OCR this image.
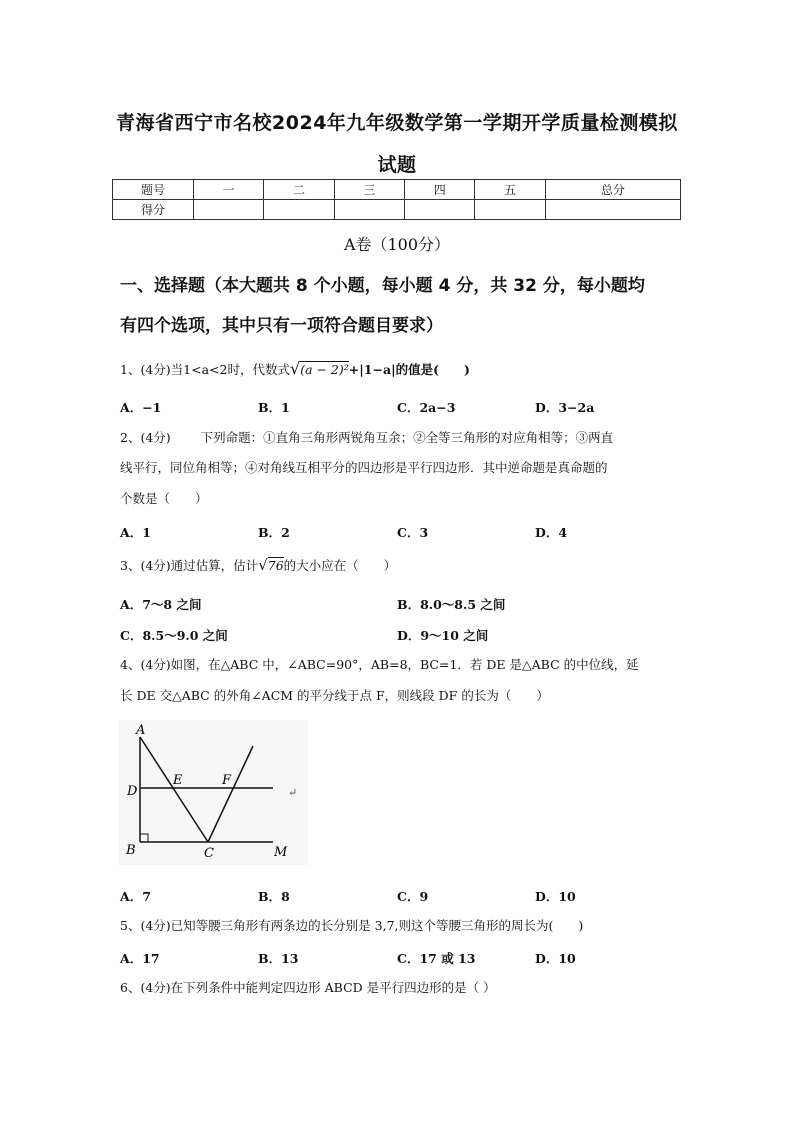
青海省西宁市名校2024年九年级数学第一学期开学质量检测模拟
试题
题号	一	二	三	四	五	总分
得分						
A卷（100分）
一、选择题（本大题共 8 个小题，每小题 4 分，共 32 分，每小题均
有四个选项，其中只有一项符合题目要求）
1、(4分)当1<a<2时，代数式√(a − 2)²+|1−a|的值是(　　)
A．−1	B．1	C．2a−3	D．3−2a
2、(4分) 下列命题：①直角三角形两锐角互余；②全等三角形的对应角相等；③两直
线平行，同位角相等；④对角线互相平分的四边形是平行四边形．其中逆命题是真命题的
个数是（　　）
A．1	B．2	C．3	D．4
3、(4分)通过估算，估计√76的大小应在（　　）
A．7～8 之间	B．8.0～8.5 之间
C．8.5～9.0 之间	D．9～10 之间
4、(4分)如图，在△ABC 中，∠ABC=90°，AB=8，BC=1．若 DE 是△ABC 的中位线，延
长 DE 交△ABC 的外角∠ACM 的平分线于点 F，则线段 DF 的长为（　　）
A
E	F
D
B	C	M
↵
A．7	B．8	C．9	D．10
5、(4分)已知等腰三角形有两条边的长分别是 3,7,则这个等腰三角形的周长为(　　)
A．17	B．13	C．17 或 13	D．10
6、(4分)在下列条件中能判定四边形 ABCD 是平行四边形的是（ ）
